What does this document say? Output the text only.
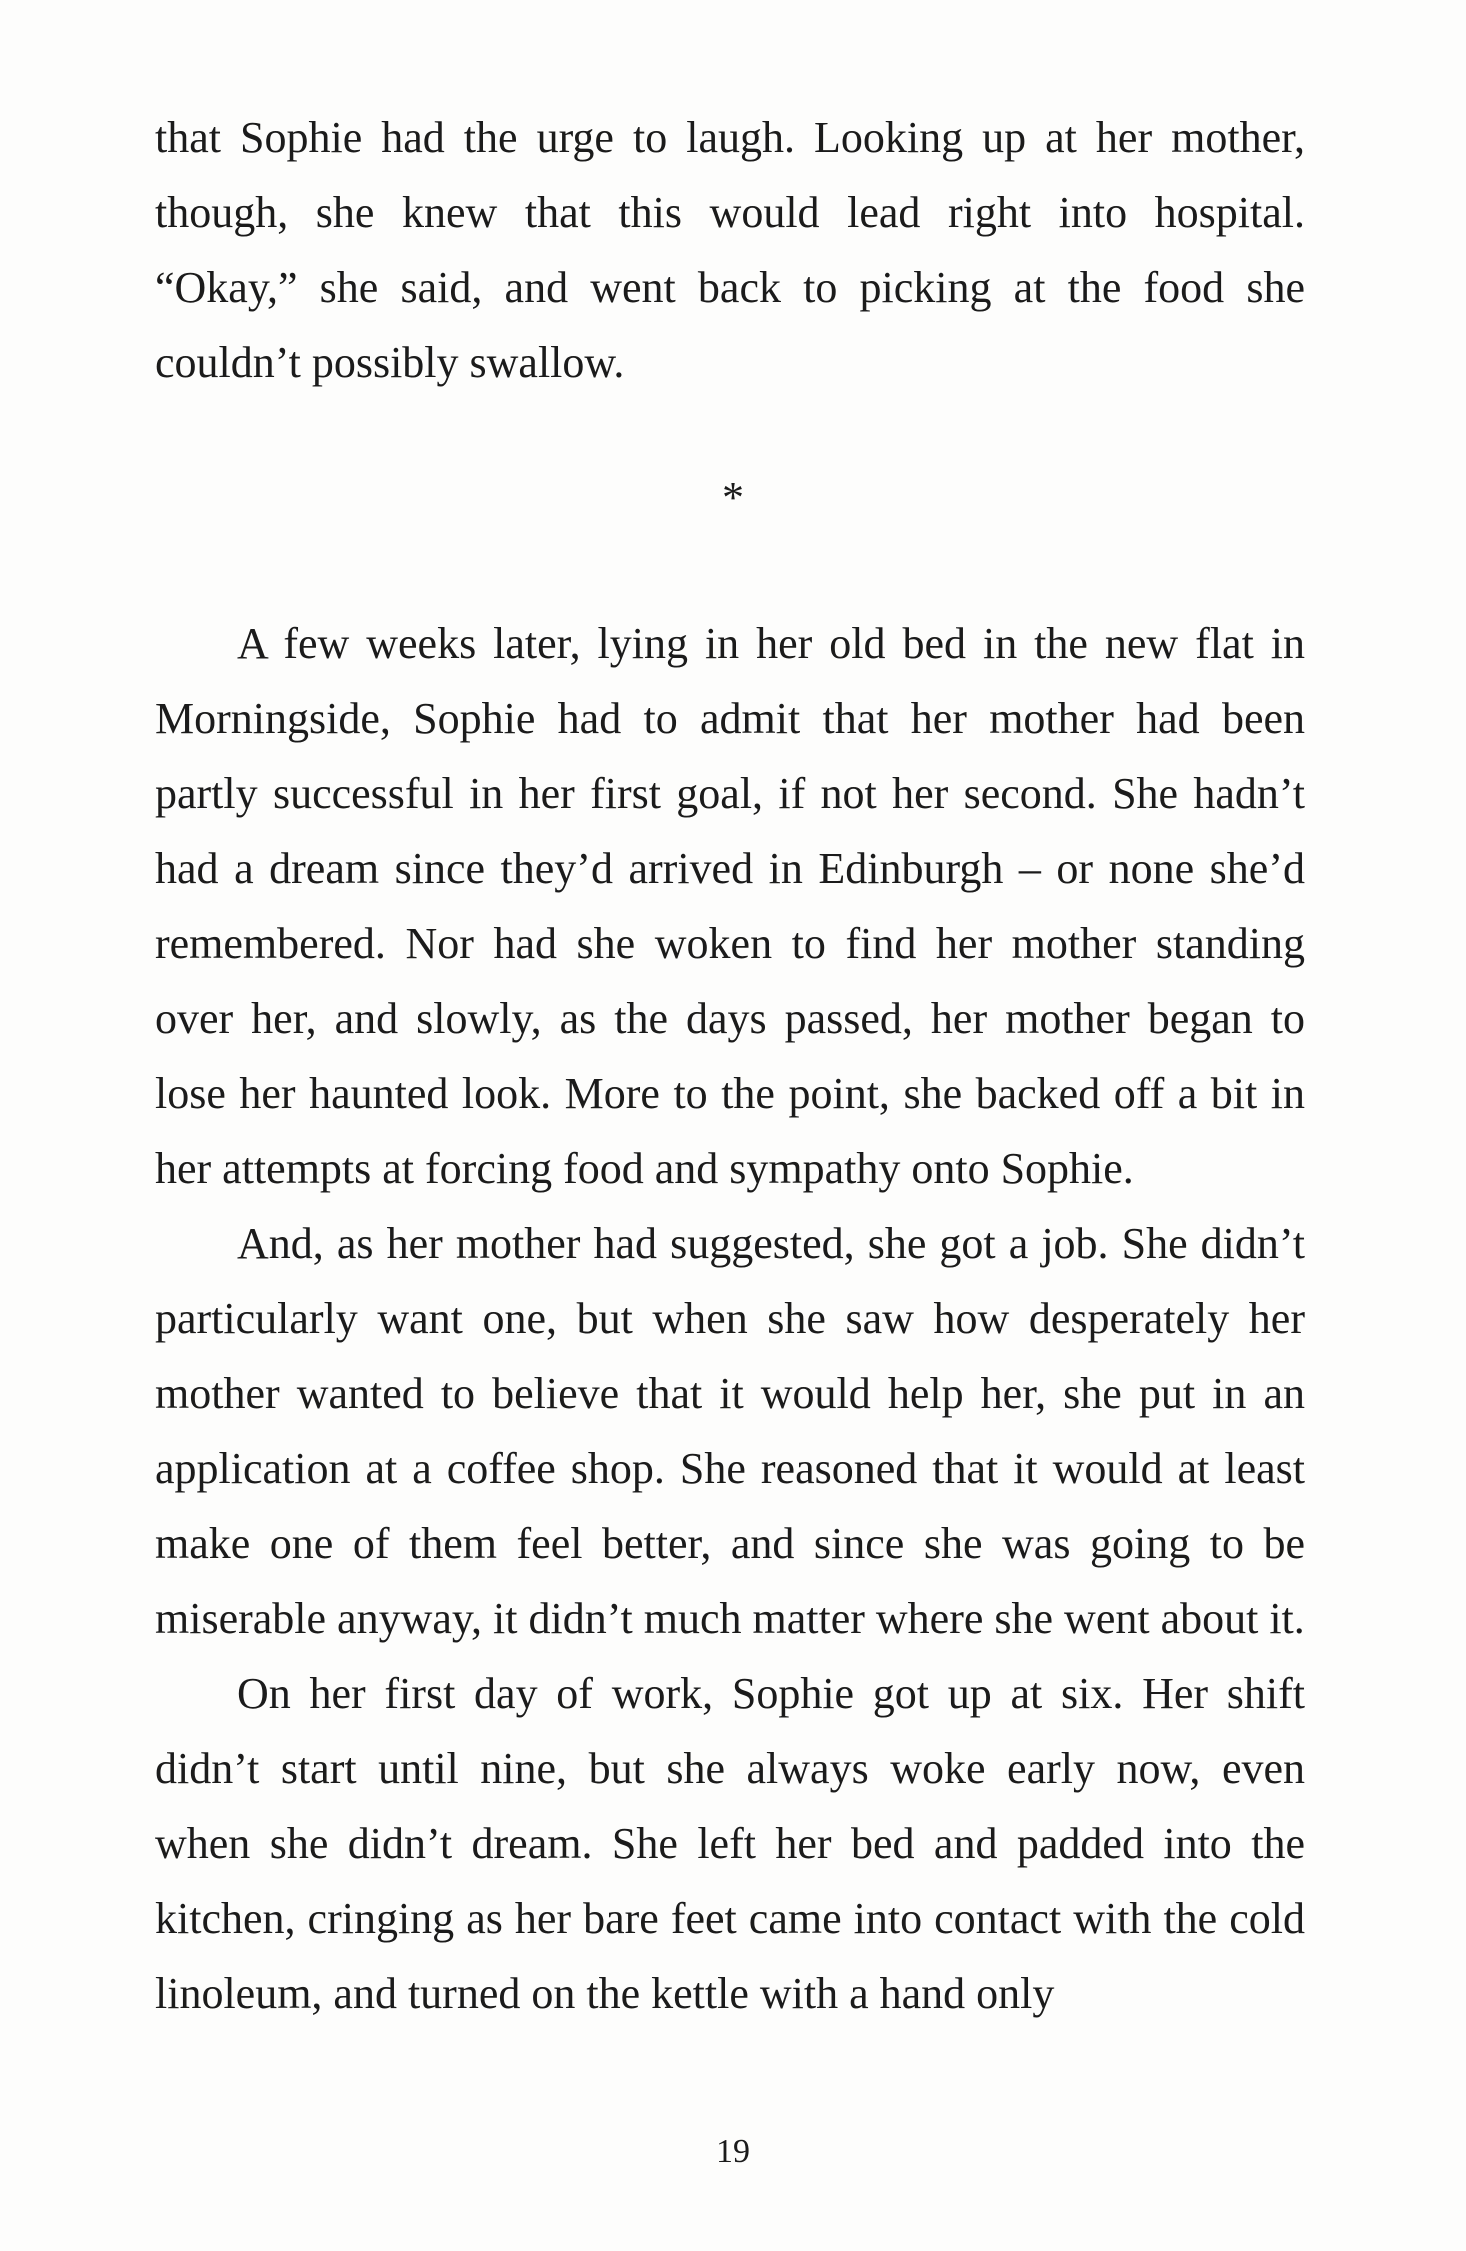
that Sophie had the urge to laugh. Looking up at her mother, though, she knew that this would lead right into hospital. “Okay,” she said, and went back to picking at the food she couldn’t possibly swallow.

*

A few weeks later, lying in her old bed in the new flat in Morningside, Sophie had to admit that her mother had been partly successful in her first goal, if not her second. She hadn’t had a dream since they’d arrived in Edinburgh – or none she’d remembered. Nor had she woken to find her mother standing over her, and slowly, as the days passed, her mother began to lose her haunted look. More to the point, she backed off a bit in her attempts at forcing food and sympathy onto Sophie.

And, as her mother had suggested, she got a job. She didn’t particularly want one, but when she saw how desperately her mother wanted to believe that it would help her, she put in an application at a coffee shop. She reasoned that it would at least make one of them feel better, and since she was going to be miserable anyway, it didn’t much matter where she went about it.

On her first day of work, Sophie got up at six. Her shift didn’t start until nine, but she always woke early now, even when she didn’t dream. She left her bed and padded into the kitchen, cringing as her bare feet came into contact with the cold linoleum, and turned on the kettle with a hand only

19
